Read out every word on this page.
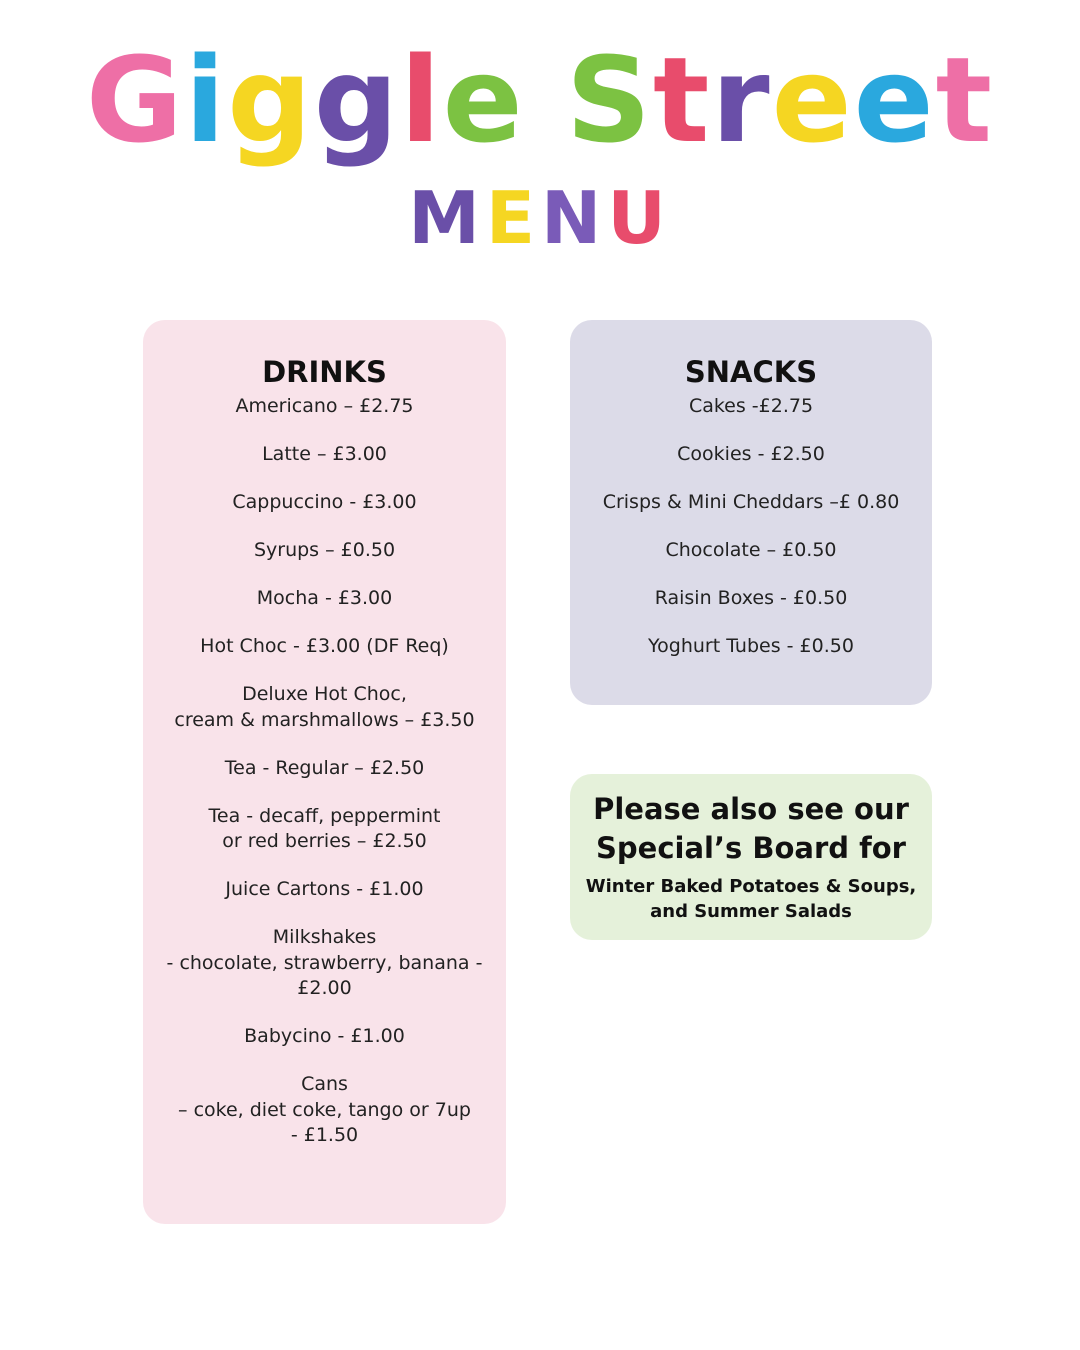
Giggle Street
MENU
DRINKS
Americano – £2.75
Latte – £3.00
Cappuccino - £3.00
Syrups – £0.50
Mocha - £3.00
Hot Choc - £3.00 (DF Req)
Deluxe Hot Choc,
cream & marshmallows – £3.50
Tea - Regular – £2.50
Tea - decaff, peppermint
or red berries – £2.50
Juice Cartons - £1.00
Milkshakes
- chocolate, strawberry, banana -
£2.00
Babycino - £1.00
Cans
– coke, diet coke, tango or 7up
- £1.50
SNACKS
Cakes -£2.75
Cookies - £2.50
Crisps & Mini Cheddars –£ 0.80
Chocolate – £0.50
Raisin Boxes - £0.50
Yoghurt Tubes - £0.50
Please also see our
Special’s Board for
Winter Baked Potatoes & Soups,
and Summer Salads
